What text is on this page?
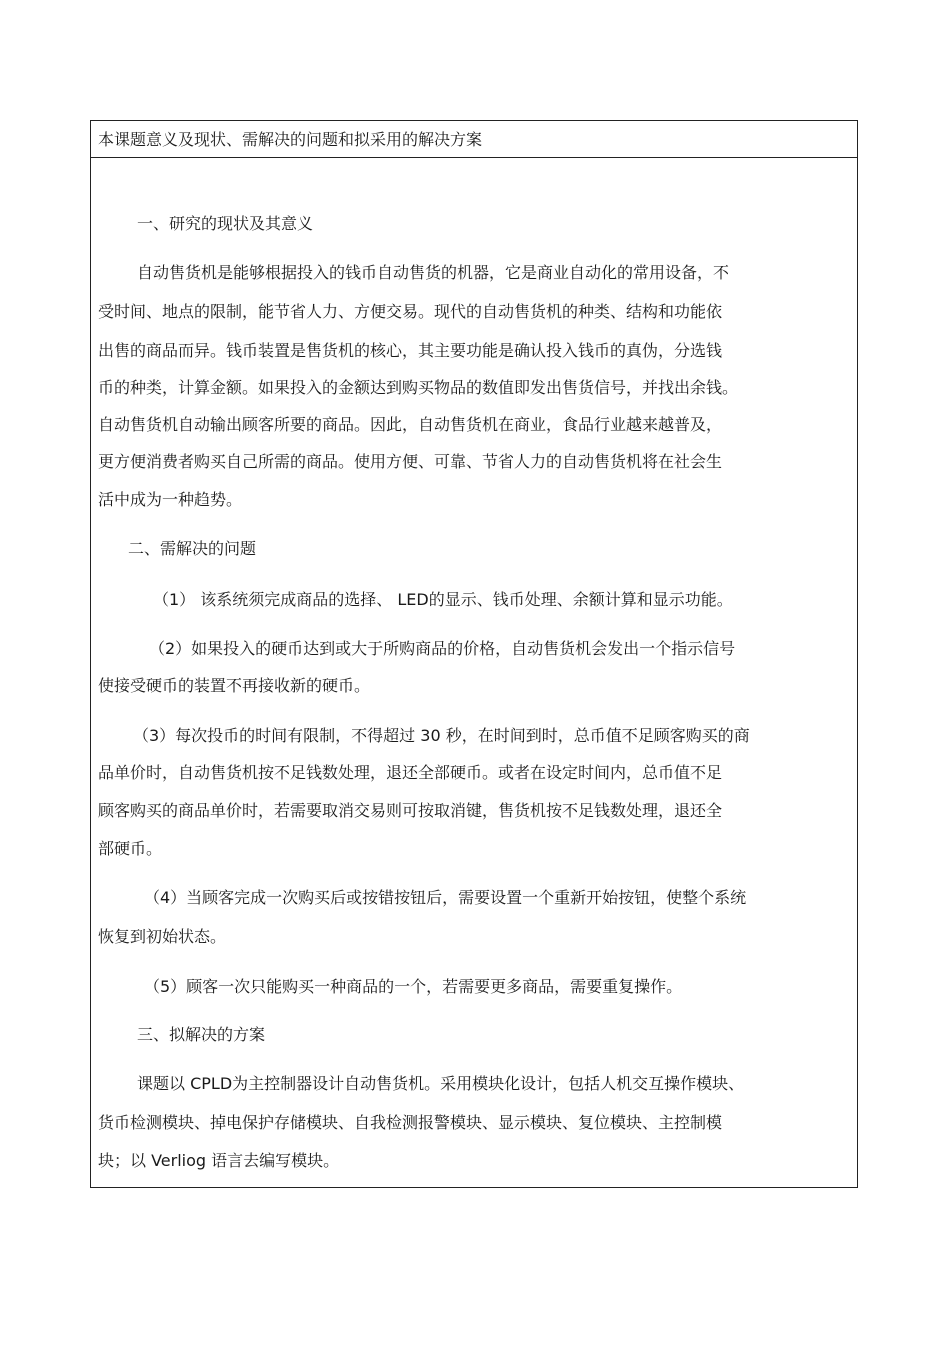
本课题意义及现状、需解决的问题和拟采用的解决方案
一、研究的现状及其意义
自动售货机是能够根据投入的钱币自动售货的机器，它是商业自动化的常用设备，不
受时间、地点的限制，能节省人力、方便交易。现代的自动售货机的种类、结构和功能依
出售的商品而异。钱币装置是售货机的核心，其主要功能是确认投入钱币的真伪，分选钱
币的种类，计算金额。如果投入的金额达到购买物品的数值即发出售货信号，并找出余钱。
自动售货机自动输出顾客所要的商品。因此，自动售货机在商业，食品行业越来越普及，
更方便消费者购买自己所需的商品。使用方便、可靠、节省人力的自动售货机将在社会生
活中成为一种趋势。
二、需解决的问题
（1） 该系统须完成商品的选择、 LED的显示、钱币处理、余额计算和显示功能。
（2）如果投入的硬币达到或大于所购商品的价格，自动售货机会发出一个指示信号
使接受硬币的装置不再接收新的硬币。
（3）每次投币的时间有限制，不得超过 30 秒，在时间到时，总币值不足顾客购买的商
品单价时，自动售货机按不足钱数处理，退还全部硬币。或者在设定时间内，总币值不足
顾客购买的商品单价时，若需要取消交易则可按取消键，售货机按不足钱数处理，退还全
部硬币。
（4）当顾客完成一次购买后或按错按钮后，需要设置一个重新开始按钮，使整个系统
恢复到初始状态。
（5）顾客一次只能购买一种商品的一个，若需要更多商品，需要重复操作。
三、拟解决的方案
课题以 CPLD为主控制器设计自动售货机。采用模块化设计，包括人机交互操作模块、
货币检测模块、掉电保护存储模块、自我检测报警模块、显示模块、复位模块、主控制模
块；以 Verliog 语言去编写模块。
